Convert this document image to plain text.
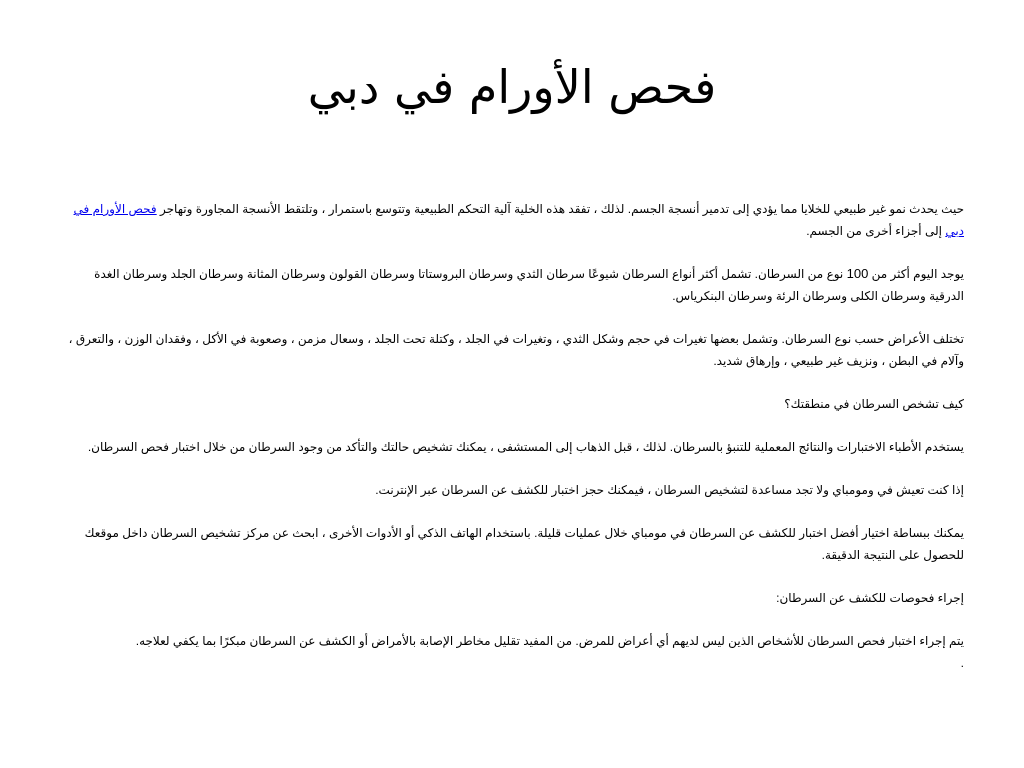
فحص الأورام في دبي

حيث يحدث نمو غير طبيعي للخلايا مما يؤدي إلى تدمير أنسجة الجسم. لذلك ، تفقد هذه الخلية آلية التحكم الطبيعية وتتوسع باستمرار ، وتلتقط الأنسجة المجاورة وتهاجر فحص الأورام في دبي إلى أجزاء أخرى من الجسم.

يوجد اليوم أكثر من 100 نوع من السرطان. تشمل أكثر أنواع السرطان شيوعًا سرطان الثدي وسرطان البروستاتا وسرطان القولون وسرطان المثانة وسرطان الجلد وسرطان الغدة الدرقية وسرطان الكلى وسرطان الرئة وسرطان البنكرياس.

تختلف الأعراض حسب نوع السرطان. وتشمل بعضها تغيرات في حجم وشكل الثدي ، وتغيرات في الجلد ، وكتلة تحت الجلد ، وسعال مزمن ، وصعوبة في الأكل ، وفقدان الوزن ، والتعرق ، وآلام في البطن ، ونزيف غير طبيعي ، وإرهاق شديد.

كيف تشخص السرطان في منطقتك؟

يستخدم الأطباء الاختبارات والنتائج المعملية للتنبؤ بالسرطان. لذلك ، قبل الذهاب إلى المستشفى ، يمكنك تشخيص حالتك والتأكد من وجود السرطان من خلال اختبار فحص السرطان.

إذا كنت تعيش في ومومباي ولا تجد مساعدة لتشخيص السرطان ، فيمكنك حجز اختبار للكشف عن السرطان عبر الإنترنت.

يمكنك ببساطة اختيار أفضل اختبار للكشف عن السرطان في مومباي خلال عمليات قليلة. باستخدام الهاتف الذكي أو الأدوات الأخرى ، ابحث عن مركز تشخيص السرطان داخل موقعك للحصول على النتيجة الدقيقة.

إجراء فحوصات للكشف عن السرطان:

يتم إجراء اختبار فحص السرطان للأشخاص الذين ليس لديهم أي أعراض للمرض. من المفيد تقليل مخاطر الإصابة بالأمراض أو الكشف عن السرطان مبكرًا بما يكفي لعلاجه.

.
